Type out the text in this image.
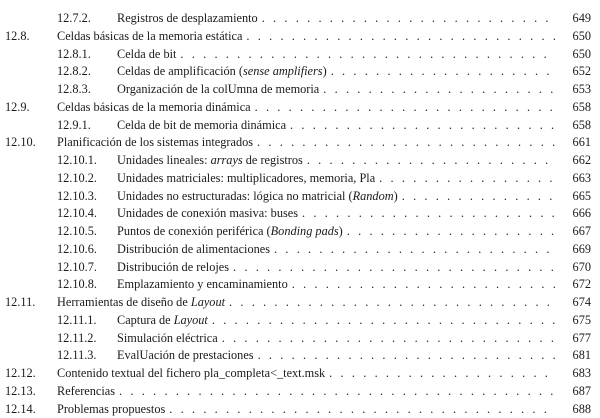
12.7.2. Registros de desplazamiento . . .	649
12.8. Celdas básicas de la memoria estática . . .	650
12.8.1. Celda de bit . . .	650
12.8.2. Celdas de amplificación (sense amplifiers) . . .	652
12.8.3. Organización de la colUmna de memoria . . .	653
12.9. Celdas básicas de la memoria dinámica . . .	658
12.9.1. Celda de bit de memoria dinámica . . .	658
12.10. Planificación de los sistemas integrados . . .	661
12.10.1. Unidades lineales: arrays de registros . . .	662
12.10.2. Unidades matriciales: multiplicadores, memoria, Pla . . .	663
12.10.3. Unidades no estructuradas: lógica no matricial (Random) . . .	665
12.10.4. Unidades de conexión masiva: buses . . .	666
12.10.5. Puntos de conexión periférica (Bonding pads) . . .	667
12.10.6. Distribución de alimentaciones . . .	669
12.10.7. Distribución de relojes . . .	670
12.10.8. Emplazamiento y encaminamiento . . .	672
12.11. Herramientas de diseño de Layout . . .	674
12.11.1. Captura de Layout . . .	675
12.11.2. Simulación eléctrica . . .	677
12.11.3. EvalUación de prestaciones . . .	681
12.12. Contenido textual del fichero pla_completa<_text.msk . . .	683
12.13. Referencias . . .	687
12.14. Problemas propuestos . . .	688
